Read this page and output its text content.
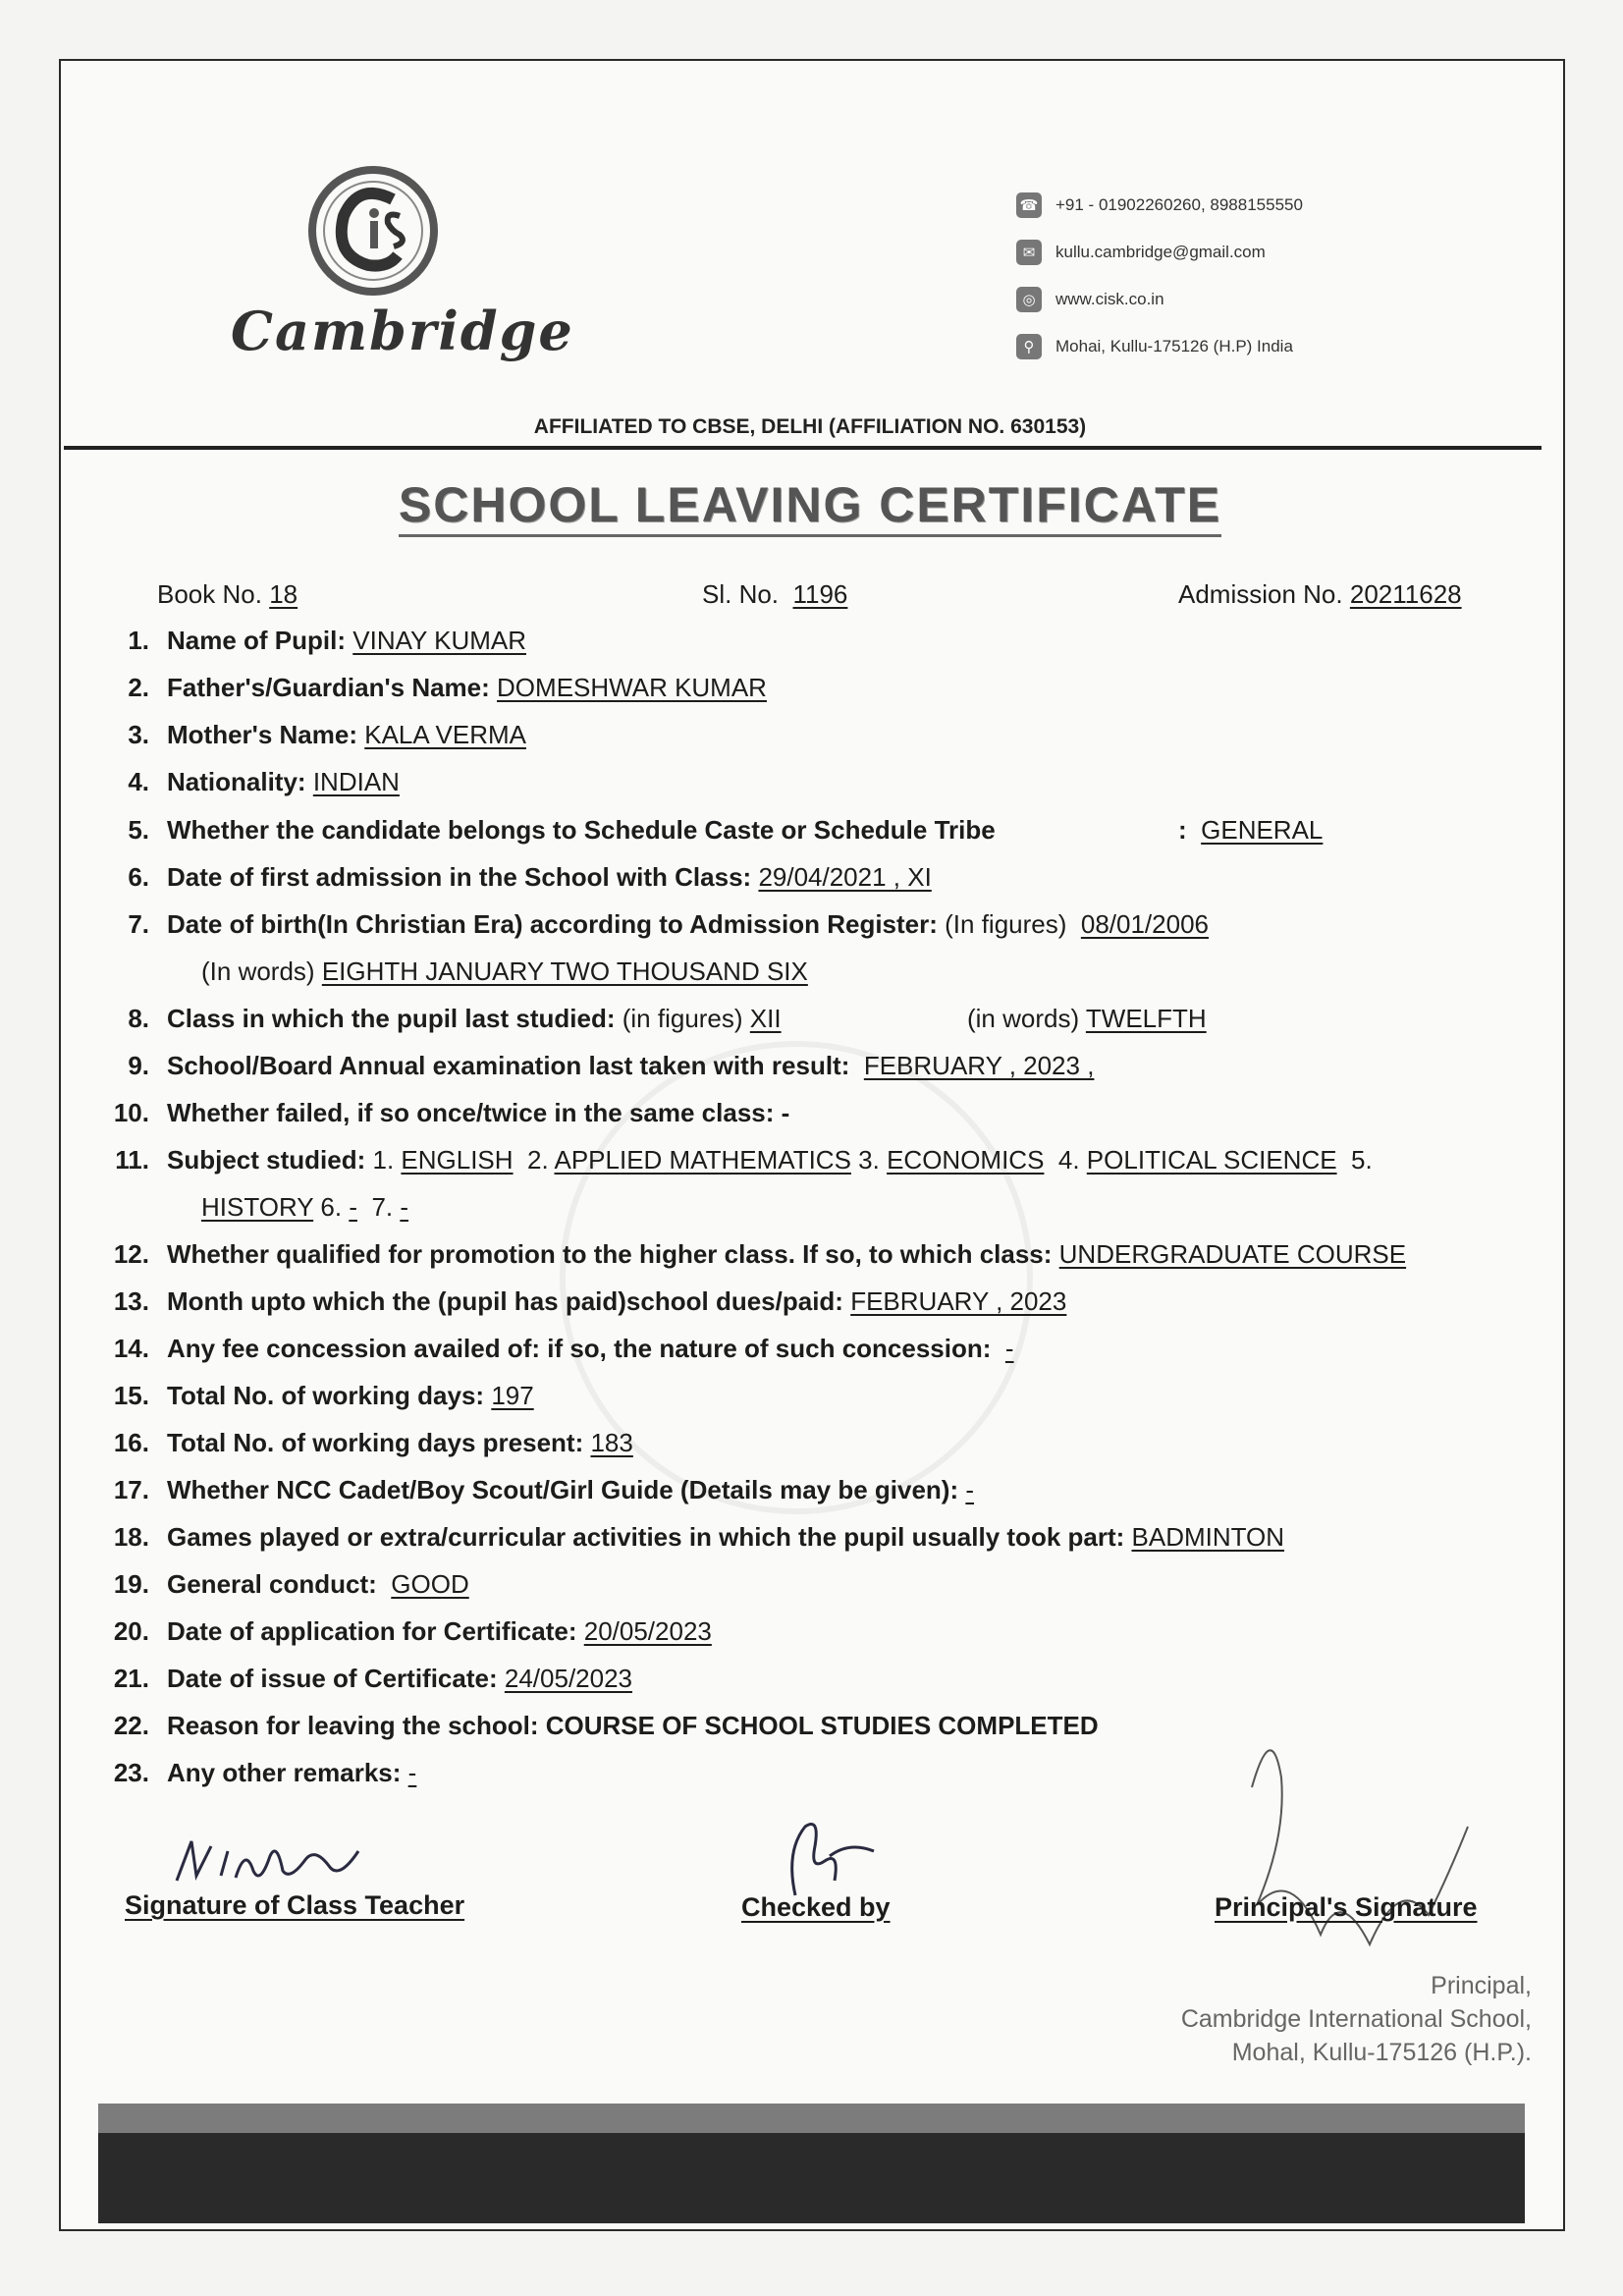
Cambridge
☎ +91 - 01902260260, 8988155550
✉	kullu.cambridge@gmail.com
◎	www.cisk.co.in
⚲	Mohai, Kullu-175126 (H.P) India
AFFILIATED TO CBSE, DELHI (AFFILIATION NO. 630153)
SCHOOL LEAVING CERTIFICATE
Book No. 18	Sl. No. 1196	Admission No. 20211628
1. Name of Pupil: VINAY KUMAR
2. Father's/Guardian's Name: DOMESHWAR KUMAR
3. Mother's Name: KALA VERMA
4. Nationality: INDIAN
5. Whether the candidate belongs to Schedule Caste or Schedule Tribe	: GENERAL
6. Date of first admission in the School with Class: 29/04/2021 , XI
7. Date of birth(In Christian Era) according to Admission Register: (In figures) 08/01/2006
(In words) EIGHTH JANUARY TWO THOUSAND SIX
8. Class in which the pupil last studied: (in figures) XII	(in words) TWELFTH
9. School/Board Annual examination last taken with result: FEBRUARY , 2023 ,
10. Whether failed, if so once/twice in the same class: -
11. Subject studied: 1. ENGLISH 2. APPLIED MATHEMATICS 3. ECONOMICS 4. POLITICAL SCIENCE 5.
HISTORY 6. - 7. -
12. Whether qualified for promotion to the higher class. If so, to which class: UNDERGRADUATE COURSE
13. Month upto which the (pupil has paid)school dues/paid: FEBRUARY , 2023
14. Any fee concession availed of: if so, the nature of such concession: -
15. Total No. of working days: 197
16. Total No. of working days present: 183
17. Whether NCC Cadet/Boy Scout/Girl Guide (Details may be given): -
18. Games played or extra/curricular activities in which the pupil usually took part: BADMINTON
19. General conduct: GOOD
20. Date of application for Certificate: 20/05/2023
21. Date of issue of Certificate: 24/05/2023
22. Reason for leaving the school: COURSE OF SCHOOL STUDIES COMPLETED
23. Any other remarks: -
Signature of Class Teacher	Checked by	Principal's Signature
Principal,
Cambridge International School,
Mohal, Kullu-175126 (H.P.).
